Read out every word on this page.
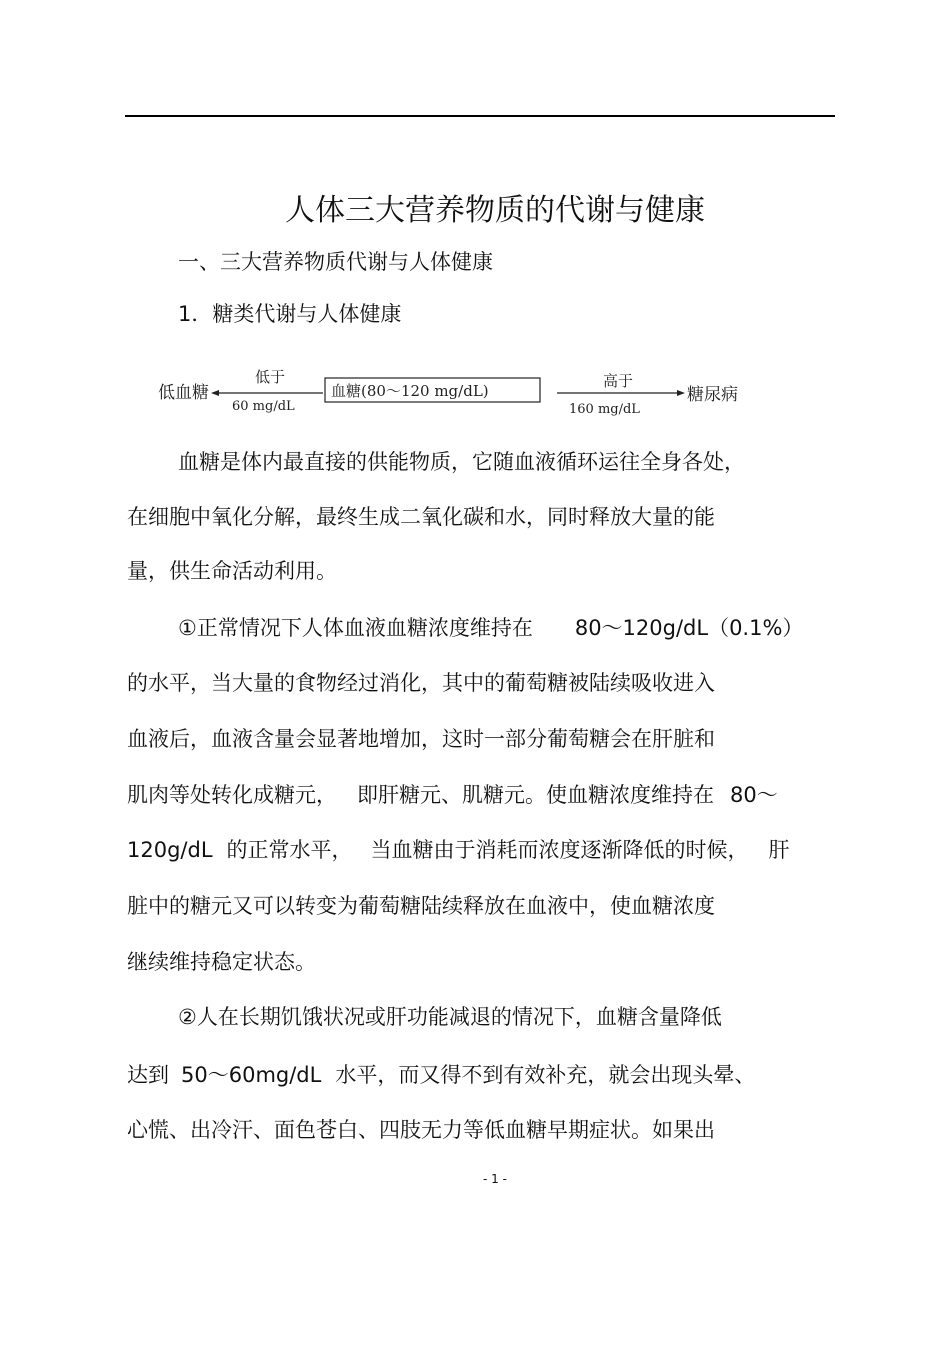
人体三大营养物质的代谢与健康
一、三大营养物质代谢与人体健康
1．糖类代谢与人体健康
低血糖
低于
60 mg/dL
血糖(80～120 mg/dL)
高于
160 mg/dL
糖尿病
血糖是体内最直接的供能物质，它随血液循环运往全身各处，
在细胞中氧化分解，最终生成二氧化碳和水，同时释放大量的能
量，供生命活动利用。
①正常情况下人体血液血糖浓度维持在 80～120g/dL（0.1%）
的水平，当大量的食物经过消化，其中的葡萄糖被陆续吸收进入
血液后，血液含量会显著地增加，这时一部分葡萄糖会在肝脏和
肌肉等处转化成糖元， 即肝糖元、肌糖元。使血糖浓度维持在 80～
120g/dL 的正常水平， 当血糖由于消耗而浓度逐渐降低的时候， 肝
脏中的糖元又可以转变为葡萄糖陆续释放在血液中，使血糖浓度
继续维持稳定状态。
②人在长期饥饿状况或肝功能减退的情况下，血糖含量降低
达到 50～60mg/dL 水平，而又得不到有效补充，就会出现头晕、
心慌、出冷汗、面色苍白、四肢无力等低血糖早期症状。如果出
- 1 -
